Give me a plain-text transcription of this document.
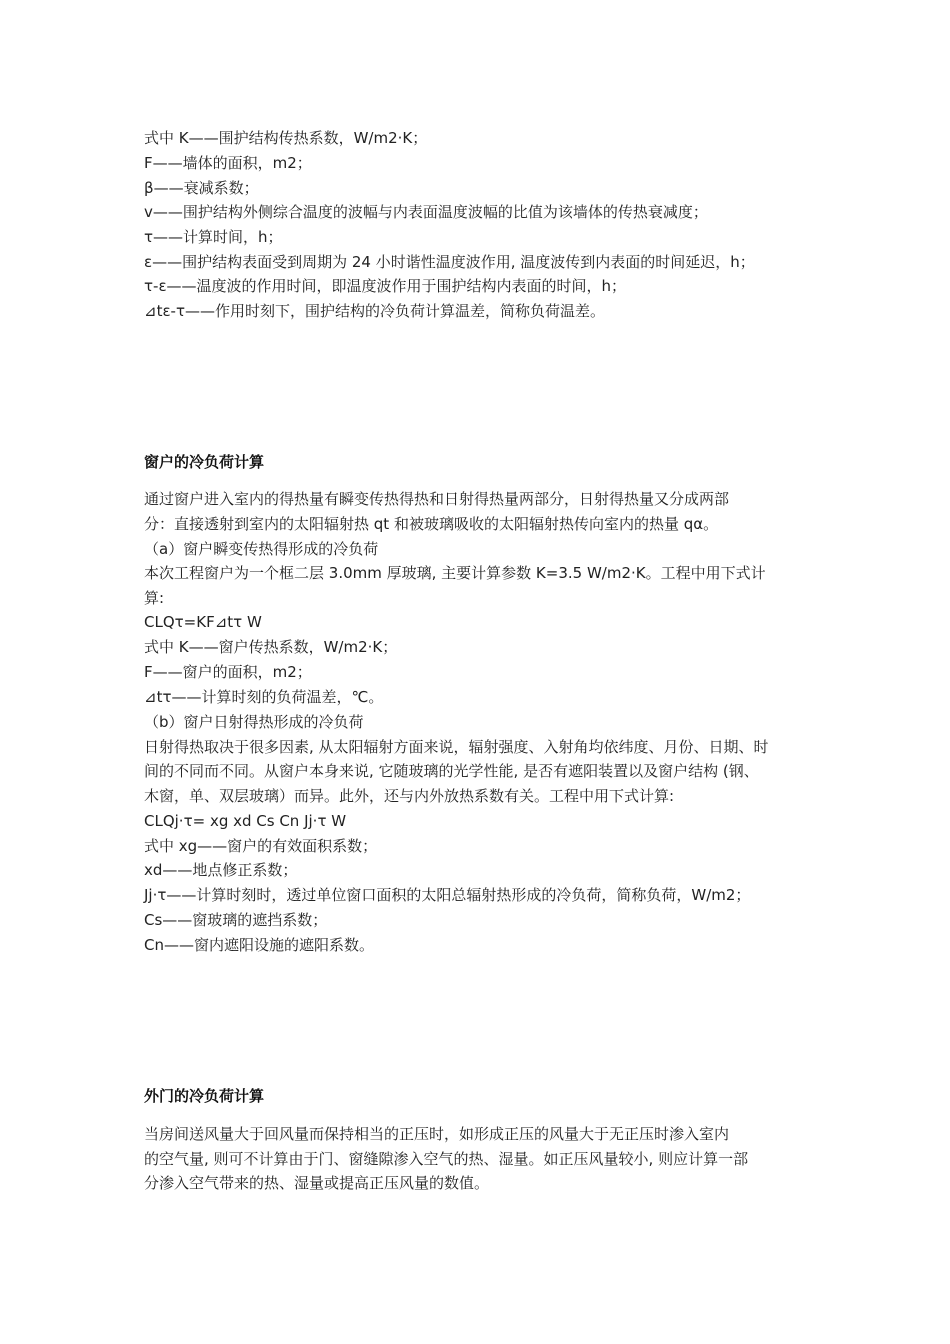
式中 K——围护结构传热系数，W/m2·K；
F——墙体的面积，m2；
β——衰减系数；
v——围护结构外侧综合温度的波幅与内表面温度波幅的比值为该墙体的传热衰减度；
τ——计算时间，h；
ε——围护结构表面受到周期为 24 小时谐性温度波作用, 温度波传到内表面的时间延迟，h；
τ-ε——温度波的作用时间，即温度波作用于围护结构内表面的时间，h；
⊿tε-τ——作用时刻下，围护结构的冷负荷计算温差，简称负荷温差。
窗户的冷负荷计算
通过窗户进入室内的得热量有瞬变传热得热和日射得热量两部分，日射得热量又分成两部
分：直接透射到室内的太阳辐射热 qt 和被玻璃吸收的太阳辐射热传向室内的热量 qα。
（a）窗户瞬变传热得形成的冷负荷
本次工程窗户为一个框二层 3.0mm 厚玻璃, 主要计算参数 K=3.5 W/m2·K。工程中用下式计
算:
CLQτ=KF⊿tτ W
式中 K——窗户传热系数，W/m2·K；
F——窗户的面积，m2；
⊿tτ——计算时刻的负荷温差，℃。
（b）窗户日射得热形成的冷负荷
日射得热取决于很多因素, 从太阳辐射方面来说，辐射强度、入射角均依纬度、月份、日期、时
间的不同而不同。从窗户本身来说, 它随玻璃的光学性能, 是否有遮阳装置以及窗户结构 (钢、
木窗，单、双层玻璃）而异。此外，还与内外放热系数有关。工程中用下式计算:
CLQj·τ= xg xd Cs Cn Jj·τ W
式中 xg——窗户的有效面积系数；
xd——地点修正系数；
Jj·τ——计算时刻时，透过单位窗口面积的太阳总辐射热形成的冷负荷，简称负荷，W/m2；
Cs——窗玻璃的遮挡系数；
Cn——窗内遮阳设施的遮阳系数。
外门的冷负荷计算
当房间送风量大于回风量而保持相当的正压时，如形成正压的风量大于无正压时渗入室内
的空气量, 则可不计算由于门、窗缝隙渗入空气的热、湿量。如正压风量较小, 则应计算一部
分渗入空气带来的热、湿量或提高正压风量的数值。
